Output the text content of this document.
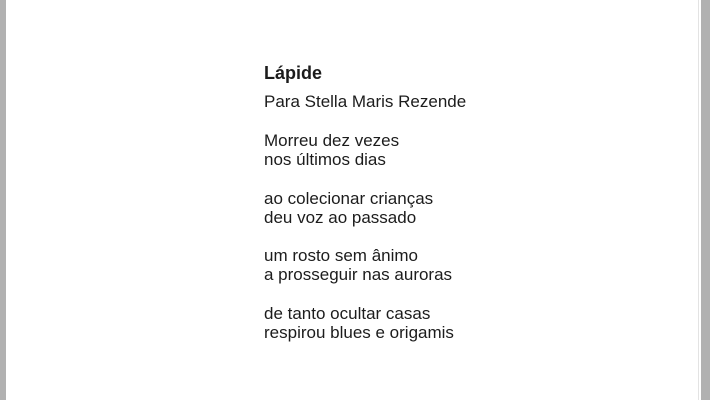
Lápide

Para Stella Maris Rezende

Morreu dez vezes
nos últimos dias

ao colecionar crianças
deu voz ao passado

um rosto sem ânimo
a prosseguir nas auroras

de tanto ocultar casas
respirou blues e origamis
